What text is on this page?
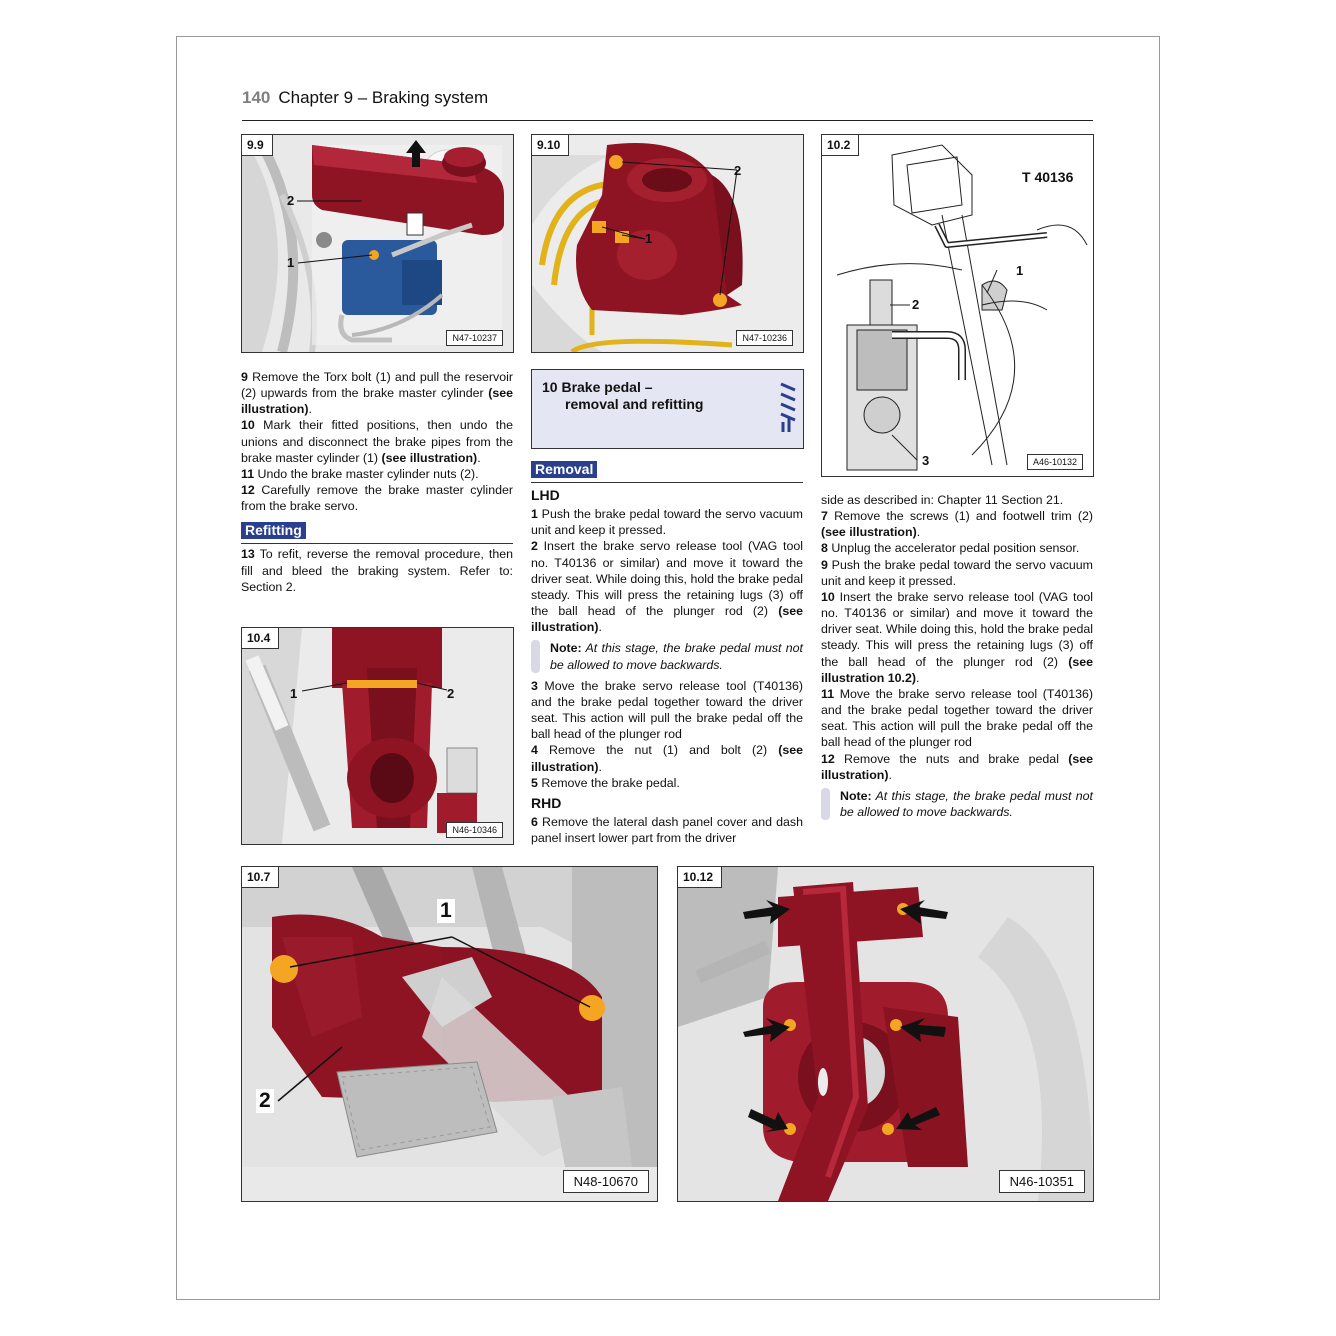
140 Chapter 9 – Braking system
9.9
2
1
N47-10237
9.10
2
1
N47-10236
10.2
T 40136
1
2
3	A46-10132
10.4
1	2
N46-10346

9 Remove the Torx bolt (1) and pull the reservoir (2) upwards from the brake master cylinder (see illustration).

10 Mark their fitted positions, then undo the unions and disconnect the brake pipes from the brake master cylinder (1) (see illustration).

11 Undo the brake master cylinder nuts (2).

12 Carefully remove the brake master cylinder from the brake servo.

Refitting

13 To refit, reverse the removal procedure, then fill and bleed the braking system. Refer to: Section 2.

10 Brake pedal –
removal and refitting
Removal
LHD

1 Push the brake pedal toward the servo vacuum unit and keep it pressed.

2 Insert the brake servo release tool (VAG tool no. T40136 or similar) and move it toward the driver seat. While doing this, hold the brake pedal steady. This will press the retaining lugs (3) off the ball head of the plunger rod (2) (see illustration).

Note: At this stage, the brake pedal must not be allowed to move backwards.

3 Move the brake servo release tool (T40136) and the brake pedal together toward the driver seat. This action will pull the brake pedal off the ball head of the plunger rod

4 Remove the nut (1) and bolt (2) (see illustration).

5 Remove the brake pedal.

RHD

6 Remove the lateral dash panel cover and dash panel insert lower part from the driver

side as described in: Chapter 11 Section 21.

7 Remove the screws (1) and footwell trim (2) (see illustration).

8 Unplug the accelerator pedal position sensor.

9 Push the brake pedal toward the servo vacuum unit and keep it pressed.

10 Insert the brake servo release tool (VAG tool no. T40136 or similar) and move it toward the driver seat. While doing this, hold the brake pedal steady. This will press the retaining lugs (3) off the ball head of the plunger rod (2) (see illustration 10.2).

11 Move the brake servo release tool (T40136) and the brake pedal together toward the driver seat. This action will pull the brake pedal off the ball head of the plunger rod

12 Remove the nuts and brake pedal (see illustration).

Note: At this stage, the brake pedal must not be allowed to move backwards.

10.7
1
2
N48-10670
10.12
N46-10351
